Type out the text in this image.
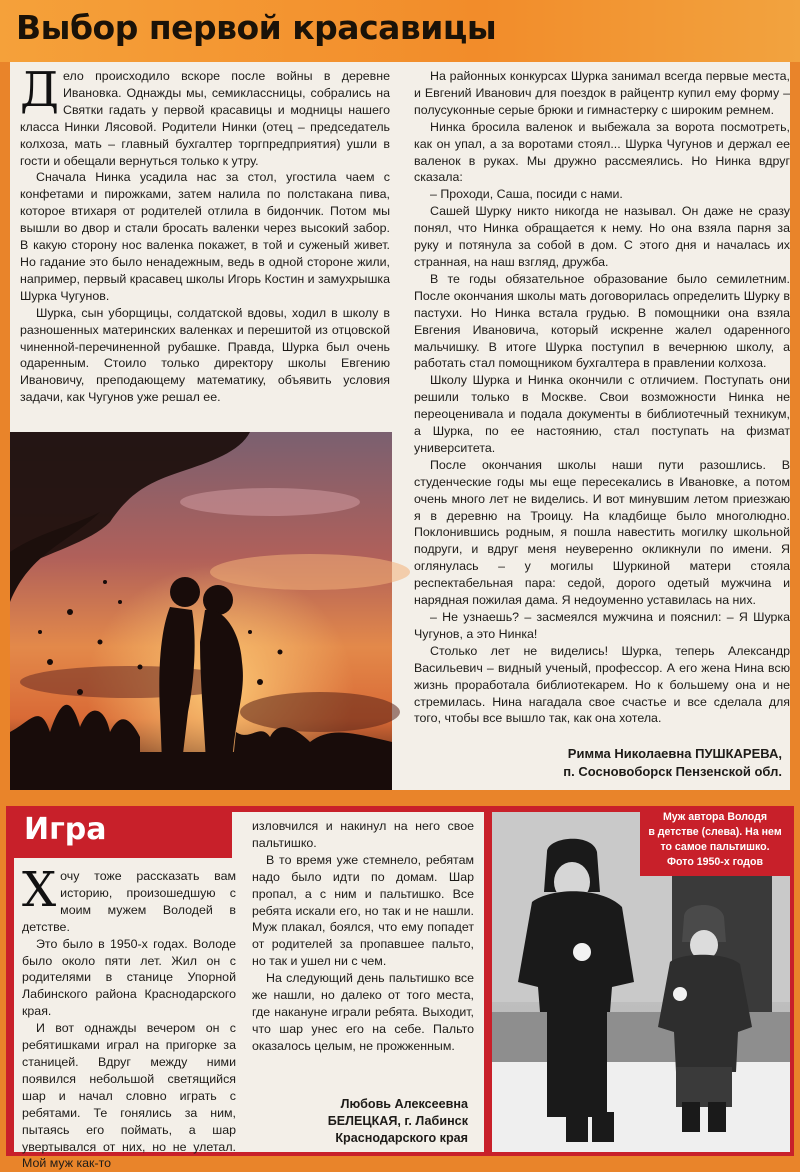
Выбор первой красавицы
Д ело происходило вскоре после войны в деревне Ивановка. Однажды мы, семиклассницы, собрались на Святки гадать у первой красавицы и модницы нашего класса Нинки Лясовой. Родители Нинки (отец – председатель колхоза, мать – главный бухгалтер торгпредприятия) ушли в гости и обещали вернуться только к утру.

Сначала Нинка усадила нас за стол, угостила чаем с конфетами и пирожками, затем налила по полстакана пива, которое втихаря от родителей отлила в бидончик. Потом мы вышли во двор и стали бросать валенки через высокий забор. В какую сторону нос валенка покажет, в той и суженый живет. Но гадание это было ненадежным, ведь в одной стороне жили, например, первый красавец школы Игорь Костин и замухрышка Шурка Чугунов.

Шурка, сын уборщицы, солдатской вдовы, ходил в школу в разношенных материнских валенках и перешитой из отцовской чиненной-перечиненной рубашке. Правда, Шурка был очень одаренным. Стоило только директору школы Евгению Ивановичу, преподающему математику, объявить условия задачи, как Чугунов уже решал ее.

На районных конкурсах Шурка занимал всегда первые места, и Евгений Иванович для поездок в райцентр купил ему форму – полусуконные серые брюки и гимнастерку с широким ремнем.

Нинка бросила валенок и выбежала за ворота посмотреть, как он упал, а за воротами стоял... Шурка Чугунов и держал ее валенок в руках. Мы дружно рассмеялись. Но Нинка вдруг сказала:

– Проходи, Саша, посиди с нами.

Сашей Шурку никто никогда не называл. Он даже не сразу понял, что Нинка обращается к нему. Но она взяла парня за руку и потянула за собой в дом. С этого дня и началась их странная, на наш взгляд, дружба.

В те годы обязательное образование было семилетним. После окончания школы мать договорилась определить Шурку в пастухи. Но Нинка встала грудью. В помощники она взяла Евгения Ивановича, который искренне жалел одаренного мальчишку. В итоге Шурка поступил в вечернюю школу, а работать стал помощником бухгалтера в правлении колхоза.

Школу Шурка и Нинка окончили с отличием. Поступать они решили только в Москве. Свои возможности Нинка не переоценивала и подала документы в библиотечный техникум, а Шурка, по ее настоянию, стал поступать на физмат университета.

После окончания школы наши пути разошлись. В студенческие годы мы еще пересекались в Ивановке, а потом очень много лет не виделись. И вот минувшим летом приезжаю я в деревню на Троицу. На кладбище было многолюдно. Поклонившись родным, я пошла навестить могилку школьной подруги, и вдруг меня неуверенно окликнули по имени. Я оглянулась – у могилы Шуркиной матери стояла респектабельная пара: седой, дорого одетый мужчина и нарядная пожилая дама. Я недоуменно уставилась на них.

– Не узнаешь? – засмеялся мужчина и пояснил: – Я Шурка Чугунов, а это Нинка!

Столько лет не виделись! Шурка, теперь Александр Васильевич – видный ученый, профессор. А его жена Нина всю жизнь проработала библиотекарем. Но к большему она и не стремилась. Нина нагадала свое счастье и все сделала для того, чтобы все вышло так, как она хотела.

Римма Николаевна ПУШКАРЕВА,
п. Сосновоборск Пензенской обл.
Игра
Х очу тоже рассказать вам историю, произошедшую с моим мужем Володей в детстве.

Это было в 1950-х годах. Володе было около пяти лет. Жил он с родителями в станице Упорной Лабинского района Краснодарского края.

И вот однажды вечером он с ребятишками играл на пригорке за станицей. Вдруг между ними появился небольшой светящийся шар и начал словно играть с ребятами. Те гонялись за ним, пытаясь его поймать, а шар увертывался от них, но не улетал. Мой муж как-то

изловчился и накинул на него свое пальтишко.

В то время уже стемнело, ребятам надо было идти по домам. Шар пропал, а с ним и пальтишко. Все ребята искали его, но так и не нашли. Муж плакал, боялся, что ему попадет от родителей за пропавшее пальто, но так и ушел ни с чем.

На следующий день пальтишко все же нашли, но далеко от того места, где накануне играли ребята. Выходит, что шар унес его на себе. Пальто оказалось целым, не прожженным.

Любовь Алексеевна
БЕЛЕЦКАЯ, г. Лабинск
Краснодарского края
Муж автора Володя
в детстве (слева). На нем
то самое пальтишко.
Фото 1950-х годов
